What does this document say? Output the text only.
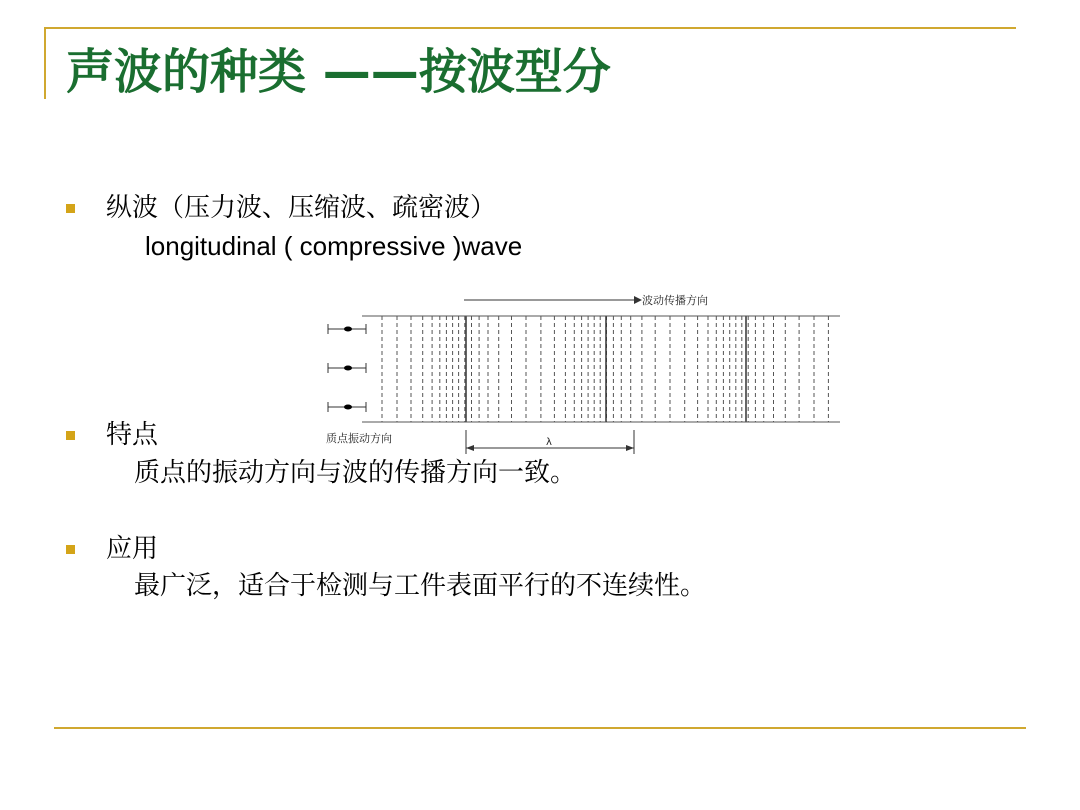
声波的种类 ——按波型分
纵波（压力波、压缩波、疏密波）
longitudinal ( compressive )wave
波动传播方向
质点振动方向	λ
特点
质点的振动方向与波的传播方向一致。
应用
最广泛，适合于检测与工件表面平行的不连续性。
